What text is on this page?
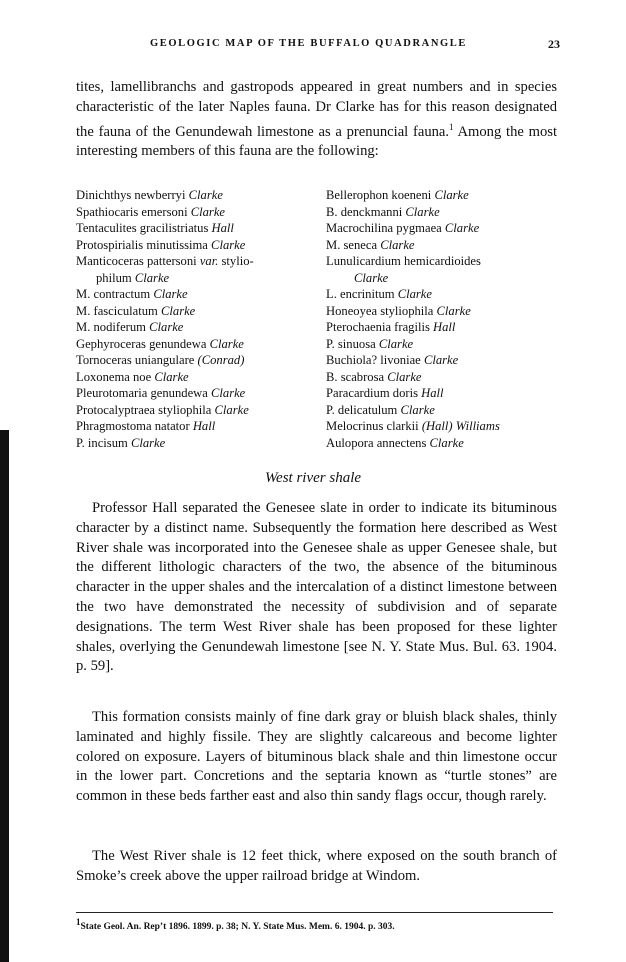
GEOLOGIC MAP OF THE BUFFALO QUADRANGLE	23

tites, lamellibranchs and gastropods appeared in great numbers and in species characteristic of the later Naples fauna. Dr Clarke has for this reason designated the fauna of the Genundewah limestone as a prenuncial fauna.$^1$ Among the most interesting members of this fauna are the following:

Dinichthys newberryi Clarke
Spathiocaris emersoni Clarke
Tentaculites gracilistriatus Hall
Protospirialis minutissima Clarke
Manticoceras pattersoni var. stylio-
philum Clarke
M. contractum Clarke
M. fasciculatum Clarke
M. nodiferum Clarke
Gephyroceras genundewa Clarke
Tornoceras uniangulare (Conrad)
Loxonema noe Clarke
Pleurotomaria genundewa Clarke
Protocalyptraea styliophila Clarke
Phragmostoma natator Hall
P. incisum Clarke
Bellerophon koeneni Clarke
B. denckmanni Clarke
Macrochilina pygmaea Clarke
M. seneca Clarke
Lunulicardium hemicardioides
Clarke
L. encrinitum Clarke
Honeoyea styliophila Clarke
Pterochaenia fragilis Hall
P. sinuosa Clarke
Buchiola? livoniae Clarke
B. scabrosa Clarke
Paracardium doris Hall
P. delicatulum Clarke
Melocrinus clarkii (Hall) Williams
Aulopora annectens Clarke
West river shale

Professor Hall separated the Genesee slate in order to indicate its bituminous character by a distinct name. Subsequently the formation here described as West River shale was incorporated into the Genesee shale as upper Genesee shale, but the different lithologic characters of the two, the absence of the bituminous character in the upper shales and the intercalation of a distinct limestone between the two have demonstrated the necessity of subdivision and of separate designations. The term West River shale has been proposed for these lighter shales, overlying the Genundewah limestone [see N. Y. State Mus. Bul. 63. 1904. p. 59].

This formation consists mainly of fine dark gray or bluish black shales, thinly laminated and highly fissile. They are slightly calcareous and become lighter colored on exposure. Layers of bituminous black shale and thin limestone occur in the lower part. Concretions and the septaria known as “turtle stones” are common in these beds farther east and also thin sandy flags occur, though rarely.

The West River shale is 12 feet thick, where exposed on the south branch of Smoke’s creek above the upper railroad bridge at Windom.

$^1$State Geol. An. Rep’t 1896. 1899. p. 38; N. Y. State Mus. Mem. 6. 1904. p. 303.
